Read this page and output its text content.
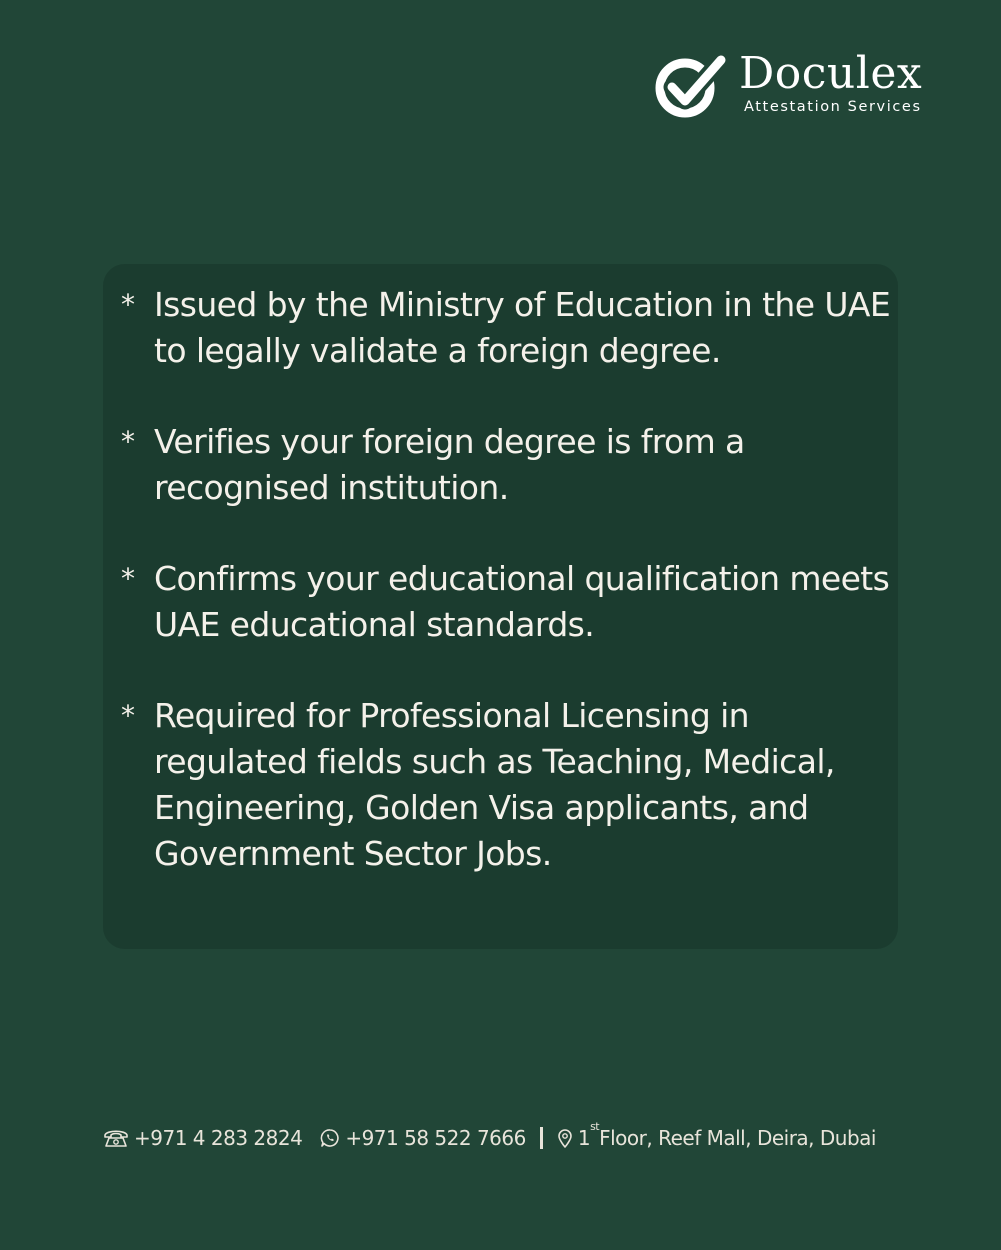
Doculex
Attestation Services
* Issued by the Ministry of Education in the UAE to legally validate a foreign degree.
* Verifies your foreign degree is from a recognised institution.
* Confirms your educational qualification meets UAE educational standards.
* Required for Professional Licensing in regulated fields such as Teaching, Medical, Engineering, Golden Visa applicants, and Government Sector Jobs.
+971 4 283 2824 +971 58 522 7666	1stFloor, Reef Mall, Deira, Dubai
